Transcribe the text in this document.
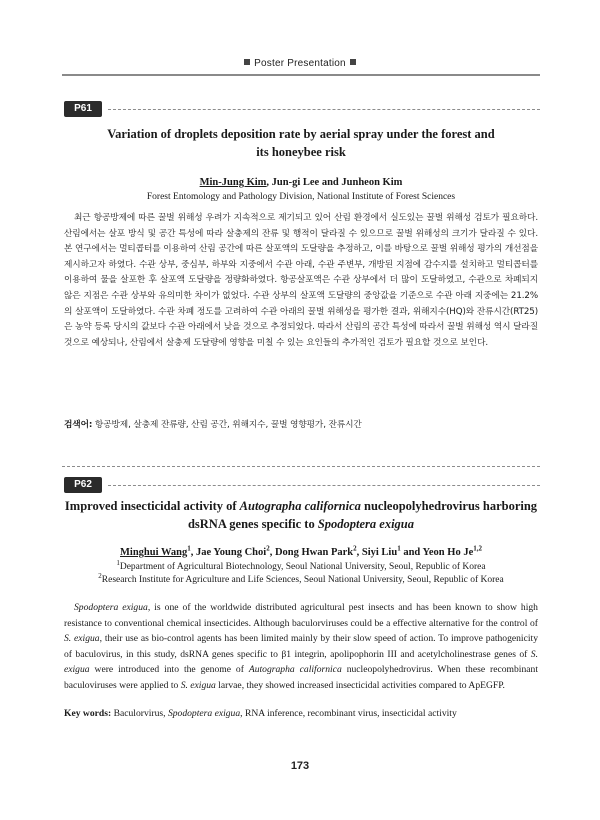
Poster Presentation
P61
Variation of droplets deposition rate by aerial spray under the forest and
its honeybee risk
Min-Jung Kim, Jun-gi Lee and Junheon Kim
Forest Entomology and Pathology Division, National Institute of Forest Sciences

최근 항공방제에 따른 꿀벌 위해성 우려가 지속적으로 제기되고 있어 산림 환경에서 실도있는 꿀벌 위해성 검토가 필요하다. 산림에서는 살포 방식 및 공간 특성에 따라 살충제의 잔류 및 행적이 달라질 수 있으므로 꿀벌 위해성의 크기가 달라질 수 있다. 본 연구에서는 멀티콥터를 이용하여 산림 공간에 따른 살포액의 도달량을 추정하고, 이를 바탕으로 꿀벌 위해성 평가의 개선점을 제시하고자 하였다. 수관 상부, 중심부, 하부와 지중에서 수관 아래, 수관 주변부, 개방된 지점에 감수지를 설치하고 멀티콥터를 이용하여 물을 살포한 후 살포액 도달량을 정량화하였다. 항공살포액은 수관 상부에서 더 많이 도달하였고, 수관으로 차폐되지 않은 지점은 수관 상부와 유의미한 차이가 없었다. 수관 상부의 살포액 도달량의 중앙값을 기준으로 수관 아래 지중에는 21.2%의 살포액이 도달하였다. 수관 차폐 정도를 고려하여 수관 아래의 꿀벌 위해성을 평가한 결과, 위해지수(HQ)와 잔류시간(RT25)은 농약 등록 당시의 값보다 수관 아래에서 낮을 것으로 추정되었다. 따라서 산림의 공간 특성에 따라서 꿀벌 위해성 역시 달라질 것으로 예상되나, 산림에서 살충제 도달량에 영향을 미칠 수 있는 요인들의 추가적인 검토가 필요할 것으로 보인다.

검색어: 항공방제, 살충제 잔류량, 산림 공간, 위해지수, 꿀벌 영향평가, 잔류시간
P62
Improved insecticidal activity of Autographa californica nucleopolyhedrovirus harboring
dsRNA genes specific to Spodoptera exigua
Minghui Wang$^1$, Jae Young Choi$^2$, Dong Hwan Park$^2$, Siyi Liu$^1$ and Yeon Ho Je$^{1,2}$
$^1$Department of Agricultural Biotechnology, Seoul National University, Seoul, Republic of Korea
$^2$Research Institute for Agriculture and Life Sciences, Seoul National University, Seoul, Republic of Korea

Spodoptera exigua, is one of the worldwide distributed agricultural pest insects and has been known to show high resistance to conventional chemical insecticides. Although baculorviruses could be a effective alternative for the control of S. exigua, their use as bio-control agents has been limited mainly by their slow speed of action. To improve pathogenicity of baculovirus, in this study, dsRNA genes specific to β1 integrin, apolipophorin III and acetylcholinestrase genes of S. exigua were introduced into the genome of Autographa californica nucleopolyhedrovirus. When these recombinant baculoviruses were applied to S. exigua larvae, they showed increased insecticidal activities compared to ApEGFP.

Key words: Baculorvirus, Spodoptera exigua, RNA inference, recombinant virus, insecticidal activity
173
